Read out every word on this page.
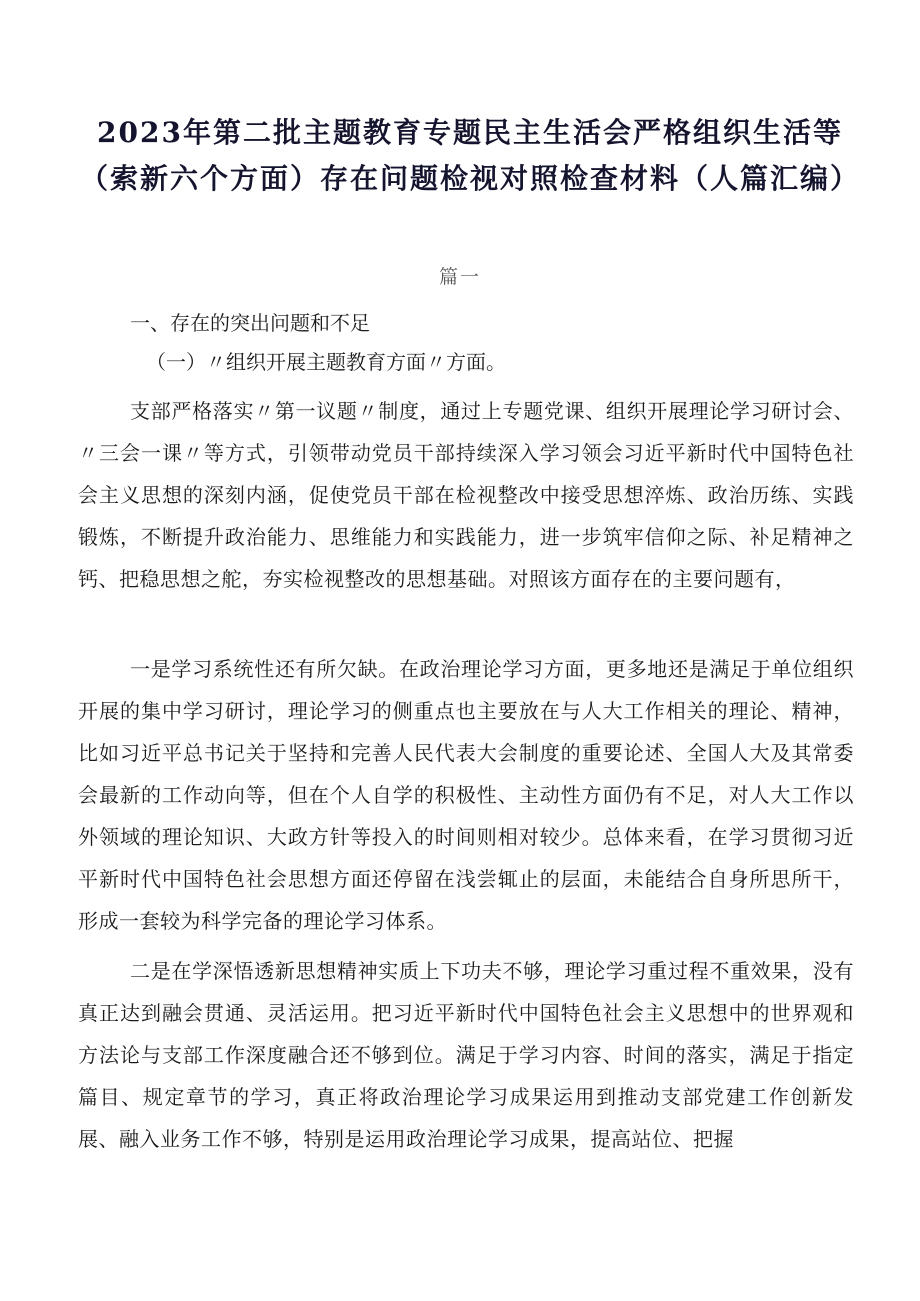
2023年第二批主题教育专题民主生活会严格组织生活等
（索新六个方面）存在问题检视对照检查材料（人篇汇编）
篇一
一、存在的突出问题和不足
（一）〃组织开展主题教育方面〃方面。

支部严格落实〃第一议题〃制度，通过上专题党课、组织开展理论学习研讨会、〃三会一课〃等方式，引领带动党员干部持续深入学习领会习近平新时代中国特色社会主义思想的深刻内涵，促使党员干部在检视整改中接受思想淬炼、政治历练、实践锻炼，不断提升政治能力、思维能力和实践能力，进一步筑牢信仰之际、补足精神之钙、把稳思想之舵，夯实检视整改的思想基础。对照该方面存在的主要问题有，

一是学习系统性还有所欠缺。在政治理论学习方面，更多地还是满足于单位组织开展的集中学习研讨，理论学习的侧重点也主要放在与人大工作相关的理论、精神，比如习近平总书记关于坚持和完善人民代表大会制度的重要论述、全国人大及其常委会最新的工作动向等，但在个人自学的积极性、主动性方面仍有不足，对人大工作以外领域的理论知识、大政方针等投入的时间则相对较少。总体来看，在学习贯彻习近平新时代中国特色社会思想方面还停留在浅尝辄止的层面，未能结合自身所思所干，形成一套较为科学完备的理论学习体系。

二是在学深悟透新思想精神实质上下功夫不够，理论学习重过程不重效果，没有真正达到融会贯通、灵活运用。把习近平新时代中国特色社会主义思想中的世界观和方法论与支部工作深度融合还不够到位。满足于学习内容、时间的落实，满足于指定篇目、规定章节的学习，真正将政治理论学习成果运用到推动支部党建工作创新发展、融入业务工作不够，特别是运用政治理论学习成果，提高站位、把握
